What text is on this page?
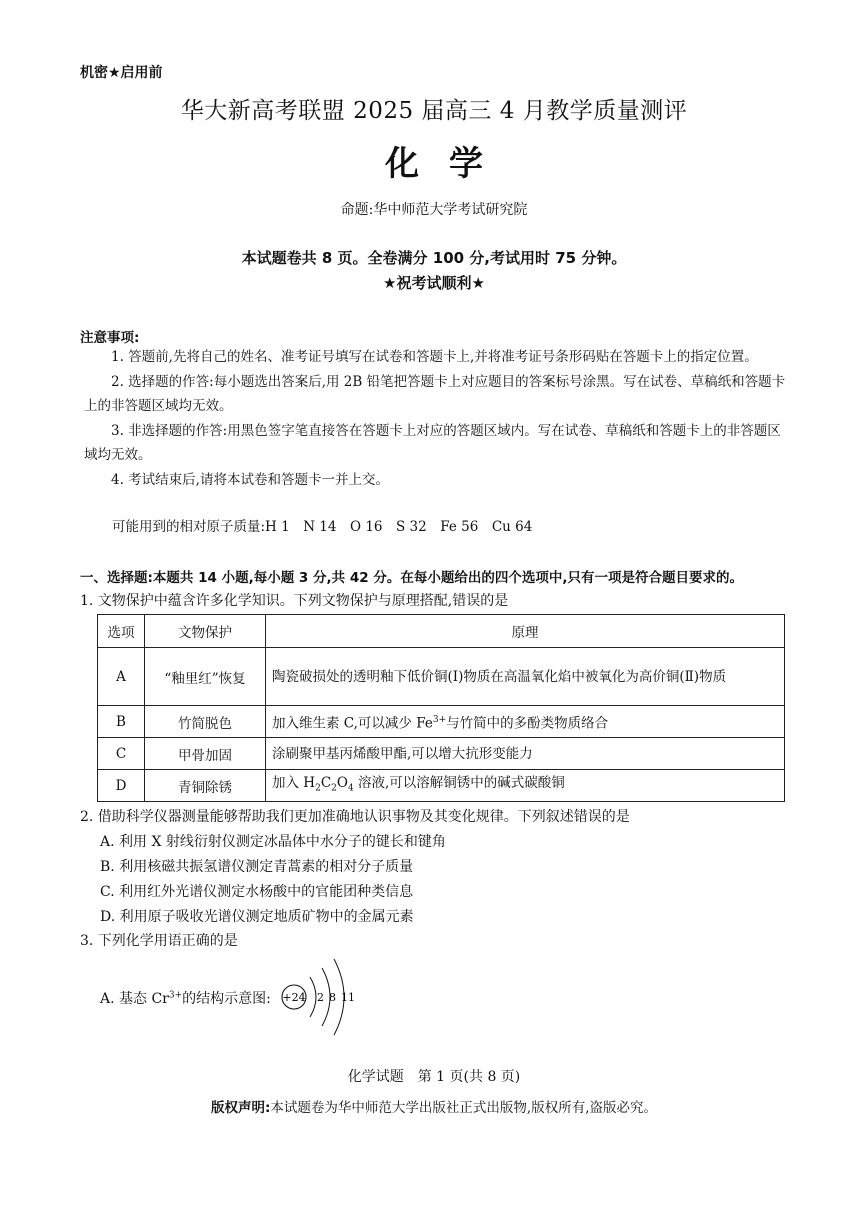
机密★启用前
华大新高考联盟 2025 届高三 4 月教学质量测评
化学
命题:华中师范大学考试研究院
本试题卷共 8 页。全卷满分 100 分,考试用时 75 分钟。
★祝考试顺利★
注意事项:

1. 答题前,先将自己的姓名、准考证号填写在试卷和答题卡上,并将准考证号条形码贴在答题卡上的指定位置。

2. 选择题的作答:每小题选出答案后,用 2B 铅笔把答题卡上对应题目的答案标号涂黑。写在试卷、草稿纸和答题卡上的非答题区域均无效。

3. 非选择题的作答:用黑色签字笔直接答在答题卡上对应的答题区域内。写在试卷、草稿纸和答题卡上的非答题区域均无效。

4. 考试结束后,请将本试卷和答题卡一并上交。

可能用到的相对原子质量:H 1　N 14　O 16　S 32　Fe 56　Cu 64
一、选择题:本题共 14 小题,每小题 3 分,共 42 分。在每小题给出的四个选项中,只有一项是符合题目要求的。
1. 文物保护中蕴含许多化学知识。下列文物保护与原理搭配,错误的是
选项	文物保护	原理
A	“釉里红”恢复	陶瓷破损处的透明釉下低价铜(Ⅰ)物质在高温氧化焰中被氧化为高价铜(Ⅱ)物质
B	竹简脱色	加入维生素 C,可以减少 $Fe^{3+}$与竹简中的多酚类物质络合
C	甲骨加固	涂刷聚甲基丙烯酸甲酯,可以增大抗形变能力
D	青铜除锈	加入 $H_2C_2O_4$ 溶液,可以溶解铜锈中的碱式碳酸铜
2. 借助科学仪器测量能够帮助我们更加准确地认识事物及其变化规律。下列叙述错误的是
A. 利用 X 射线衍射仪测定冰晶体中水分子的键长和键角
B. 利用核磁共振氢谱仪测定青蒿素的相对分子质量
C. 利用红外光谱仪测定水杨酸中的官能团种类信息
D. 利用原子吸收光谱仪测定地质矿物中的金属元素
3. 下列化学用语正确的是
A. 基态 $Cr^{3+}$的结构示意图: +24 2 8 11
化学试题　第 1 页(共 8 页)
版权声明:本试题卷为华中师范大学出版社正式出版物,版权所有,盗版必究。
